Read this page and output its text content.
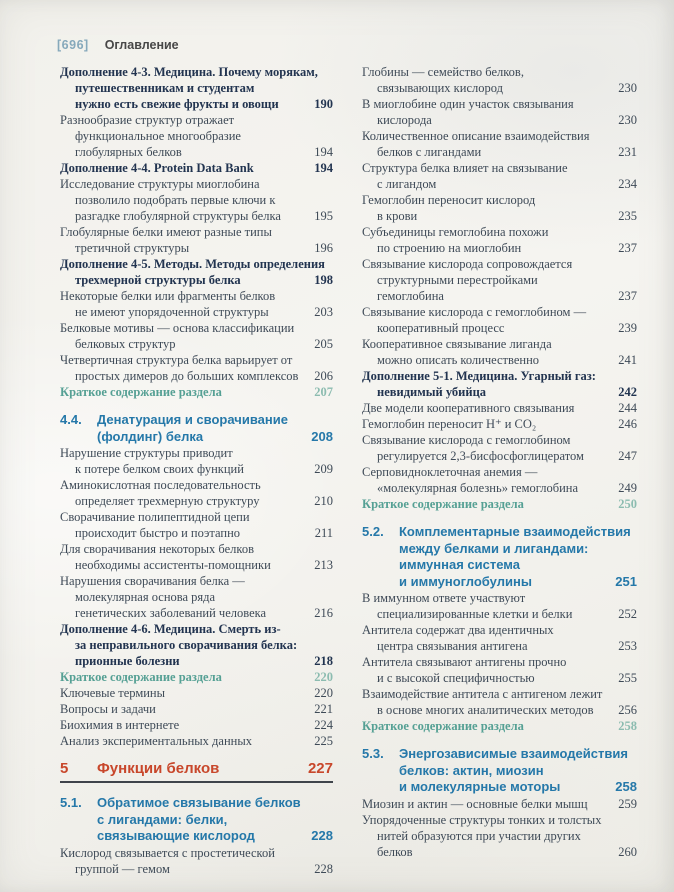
[696] Оглавление
Дополнение 4-3. Медицина. Почему морякам,
путешественникам и студентам
нужно есть свежие фрукты и овощи	190
Разнообразие структур отражает
функциональное многообразие
глобулярных белков	194
Дополнение 4-4. Protein Data Bank	194
Исследование структуры миоглобина
позволило подобрать первые ключи к
разгадке глобулярной структуры белка	195
Глобулярные белки имеют разные типы
третичной структуры	196
Дополнение 4-5. Методы. Методы определения
трехмерной структуры белка	198
Некоторые белки или фрагменты белков
не имеют упорядоченной структуры	203
Белковые мотивы — основа классификации
белковых структур	205
Четвертичная структура белка варьирует от
простых димеров до больших комплексов 206
Краткое содержание раздела	207
4.4. Денатурация и сворачивание
(фолдинг) белка	208
Нарушение структуры приводит
к потере белком своих функций	209
Аминокислотная последовательность
определяет трехмерную структуру	210
Сворачивание полипептидной цепи
происходит быстро и поэтапно	211
Для сворачивания некоторых белков
необходимы ассистенты-помощники	213
Нарушения сворачивания белка —
молекулярная основа ряда
генетических заболеваний человека	216
Дополнение 4-6. Медицина. Смерть из-
за неправильного сворачивания белка:
прионные болезни	218
Краткое содержание раздела	220
Ключевые термины	220
Вопросы и задачи	221
Биохимия в интернете	224
Анализ экспериментальных данных	225
5 Функции белков	227
5.1. Обратимое связывание белков
с лигандами: белки,
связывающие кислород	228
Кислород связывается с простетической
группой — гемом	228
Глобины — семейство белков,
связывающих кислород	230
В миоглобине один участок связывания
кислорода	230
Количественное описание взаимодействия
белков с лигандами	231
Структура белка влияет на связывание
с лигандом	234
Гемоглобин переносит кислород
в крови	235
Субъединицы гемоглобина похожи
по строению на миоглобин	237
Связывание кислорода сопровождается
структурными перестройками
гемоглобина	237
Связывание кислорода с гемоглобином —
кооперативный процесс	239
Кооперативное связывание лиганда
можно описать количественно	241
Дополнение 5-1. Медицина. Угарный газ:
невидимый убийца	242
Две модели кооперативного связывания	244
Гемоглобин переносит H⁺ и CO₂	246
Связывание кислорода с гемоглобином
регулируется 2,3-бисфосфоглицератом	247
Серповидноклеточная анемия —
«молекулярная болезнь» гемоглобина	249
Краткое содержание раздела	250
5.2. Комплементарные взаимодействия
между белками и лигандами:
иммунная система
и иммуноглобулины	251
В иммунном ответе участвуют
специализированные клетки и белки	252
Антитела содержат два идентичных
центра связывания антигена	253
Антитела связывают антигены прочно
и с высокой специфичностью	255
Взаимодействие антитела с антигеном лежит
в основе многих аналитических методов 256
Краткое содержание раздела	258
5.3. Энергозависимые взаимодействия
белков: актин, миозин
и молекулярные моторы	258
Миозин и актин — основные белки мышц 259
Упорядоченные структуры тонких и толстых
нитей образуются при участии других
белков	260
